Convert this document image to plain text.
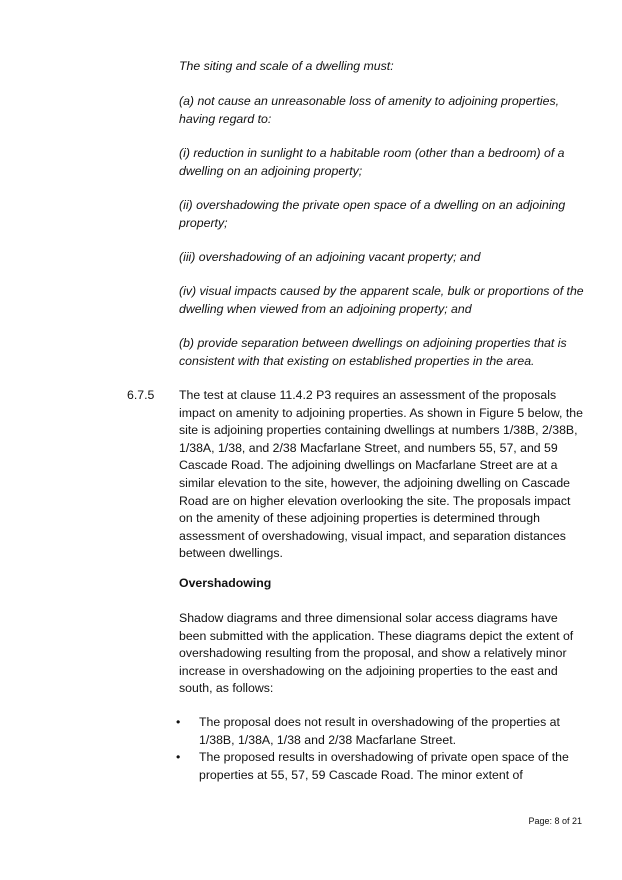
The siting and scale of a dwelling must:

(a) not cause an unreasonable loss of amenity to adjoining properties, having regard to:

(i) reduction in sunlight to a habitable room (other than a bedroom) of a dwelling on an adjoining property;

(ii) overshadowing the private open space of a dwelling on an adjoining property;

(iii) overshadowing of an adjoining vacant property; and

(iv) visual impacts caused by the apparent scale, bulk or proportions of the dwelling when viewed from an adjoining property; and

(b) provide separation between dwellings on adjoining properties that is consistent with that existing on established properties in the area.

6.7.5 The test at clause 11.4.2 P3 requires an assessment of the proposals impact on amenity to adjoining properties. As shown in Figure 5 below, the site is adjoining properties containing dwellings at numbers 1/38B, 2/38B, 1/38A, 1/38, and 2/38 Macfarlane Street, and numbers 55, 57, and 59 Cascade Road. The adjoining dwellings on Macfarlane Street are at a similar elevation to the site, however, the adjoining dwelling on Cascade Road are on higher elevation overlooking the site. The proposals impact on the amenity of these adjoining properties is determined through assessment of overshadowing, visual impact, and separation distances between dwellings.

Overshadowing

Shadow diagrams and three dimensional solar access diagrams have been submitted with the application. These diagrams depict the extent of overshadowing resulting from the proposal, and show a relatively minor increase in overshadowing on the adjoining properties to the east and south, as follows:

• The proposal does not result in overshadowing of the properties at 1/38B, 1/38A, 1/38 and 2/38 Macfarlane Street.

• The proposed results in overshadowing of private open space of the properties at 55, 57, 59 Cascade Road. The minor extent of

Page: 8 of 21
